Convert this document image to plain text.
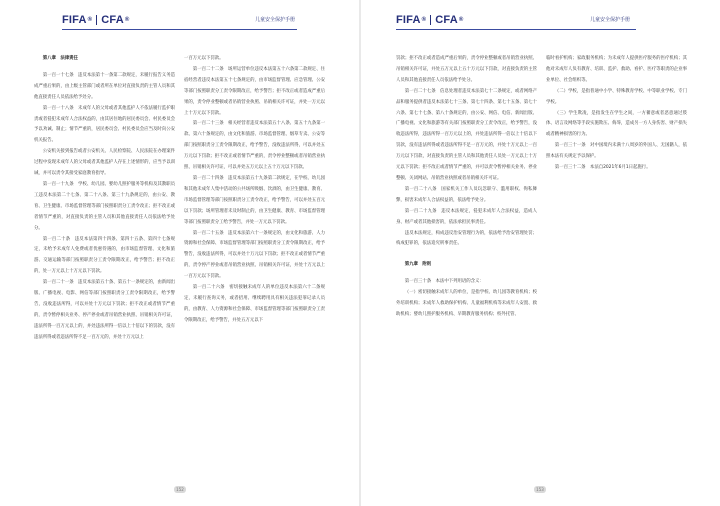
FIFA ® CFA ®	儿童安全保护手册
第八章　法律责任

第一百一十七条　违反本法第十一条第二款规定，未履行报告义务造成严重后果的，由上级主管部门或者所在单位对直接负责的主管人员和其他直接责任人员依法给予处分。

第一百一十八条　未成年人的父母或者其他监护人不依法履行监护职责或者侵犯未成年人合法权益的，由其居住地的居民委员会、村民委员会予以劝诫、制止；情节严重的，居民委员会、村民委员会应当及时向公安机关报告。

公安机关接到报告或者公安机关、人民检察院、人民法院在办理案件过程中发现未成年人的父母或者其他监护人存在上述情形的，应当予以训诫，并可以责令其接受家庭教育指导。

第一百一十九条　学校、幼儿园、婴幼儿照护服务等机构及其教职员工违反本法第二十七条、第二十八条、第三十九条规定的，由公安、教育、卫生健康、市场监督管理等部门按照职责分工责令改正；拒不改正或者情节严重的，对直接负责的主管人员和其他直接责任人员依法给予处分。

第一百二十条　违反本法第四十四条、第四十五条、第四十七条规定，未给予未成年人免费或者优惠待遇的，由市场监督管理、文化和旅游、交通运输等部门按照职责分工责令限期改正，给予警告；拒不改正的，处一万元以上十万元以下罚款。

第一百二十一条　违反本法第五十条、第五十一条规定的，由新闻出版、广播电视、电影、网信等部门按照职责分工责令限期改正，给予警告，没收违法所得，可以并处十万元以下罚款；拒不改正或者情节严重的，责令暂停相关业务、停产停业或者吊销营业执照、吊销相关许可证，违法所得一百万元以上的，并处违法所得一倍以上十倍以下的罚款，没有违法所得或者违法所得不足一百万元的，并处十万元以上

一百万元以下罚款。

第一百二十二条　场所运营单位违反本法第五十六条第二款规定、住宿经营者违反本法第五十七条规定的，由市场监督管理、应急管理、公安等部门按照职责分工责令限期改正，给予警告；拒不改正或者造成严重后果的，责令停业整顿或者吊销营业执照、吊销相关许可证，并处一万元以上十万元以下罚款。

第一百二十三条　相关经营者违反本法第五十八条、第五十九条第一款、第六十条规定的，由文化和旅游、市场监督管理、烟草专卖、公安等部门按照职责分工责令限期改正，给予警告，没收违法所得，可以并处五万元以下罚款；拒不改正或者情节严重的，责令停业整顿或者吊销营业执照、吊销相关许可证，可以并处五万元以上五十万元以下罚款。

第一百二十四条　违反本法第五十九条第二款规定，在学校、幼儿园和其他未成年人集中活动的公共场所吸烟、饮酒的，由卫生健康、教育、市场监督管理等部门按照职责分工责令改正，给予警告，可以并处五百元以下罚款；场所管理者未及时制止的，由卫生健康、教育、市场监督管理等部门按照职责分工给予警告，并处一万元以下罚款。

第一百二十五条　违反本法第六十一条规定的，由文化和旅游、人力资源和社会保障、市场监督管理等部门按照职责分工责令限期改正，给予警告，没收违法所得，可以并处十万元以下罚款；拒不改正或者情节严重的，责令停产停业或者吊销营业执照、吊销相关许可证，并处十万元以上一百万元以下罚款。

第一百二十六条　密切接触未成年人的单位违反本法第六十二条规定，未履行查询义务，或者招用、继续聘用具有相关违法犯罪记录人员的，由教育、人力资源和社会保障、市场监督管理等部门按照职责分工责令限期改正，给予警告，并处五万元以下

152
FIFA ® CFA ®	儿童安全保护手册

罚款；拒不改正或者造成严重后果的，责令停业整顿或者吊销营业执照、吊销相关许可证，并处五万元以上五十万元以下罚款，对直接负责的主管人员和其他直接责任人员依法给予处分。

第一百二十七条　信息处理者违反本法第七十二条规定，或者网络产品和服务提供者违反本法第七十三条、第七十四条、第七十五条、第七十六条、第七十七条、第八十条规定的，由公安、网信、电信、新闻出版、广播电视、文化和旅游等有关部门按照职责分工责令改正，给予警告，没收违法所得，违法所得一百万元以上的，并处违法所得一倍以上十倍以下罚款，没有违法所得或者违法所得不足一百万元的，并处十万元以上一百万元以下罚款，对直接负责的主管人员和其他责任人员处一万元以上十万元以下罚款；拒不改正或者情节严重的，并可以责令暂停相关业务、停业整顿、关闭网站、吊销营业执照或者吊销相关许可证。

第一百二十八条　国家机关工作人员玩忽职守、滥用职权、徇私舞弊，损害未成年人合法权益的，依法给予处分。

第一百二十九条　违反本法规定，侵犯未成年人合法权益，造成人身、财产或者其他损害的，依法承担民事责任。

违反本法规定，构成违反治安管理行为的，依法给予治安管理处罚；构成犯罪的，依法追究刑事责任。

第九章　附则

第一百三十条　本法中下列用语的含义：

（一）密切接触未成年人的单位，是指学校、幼儿园等教育机构；校外培训机构；未成年人救助保护机构、儿童福利机构等未成年人安置、救助机构；婴幼儿照护服务机构、早期教育服务机构；校外托管、

临时看护机构；家政服务机构；为未成年人提供医疗服务的医疗机构；其他对未成年人负有教育、培训、监护、救助、看护、医疗等职责的企业事业单位、社会组织等。

（二）学校，是指普通中小学、特殊教育学校、中等职业学校、专门学校。

（三）学生欺凌，是指发生在学生之间，一方蓄意或者恶意通过肢体、语言及网络等手段实施欺压、侮辱，造成另一方人身伤害、财产损失或者精神损害的行为。

第一百三十一条　对中国境内未满十八周岁的外国人、无国籍人，依照本法有关规定予以保护。

第一百三十二条　本法自2021年6月1日起施行。

153
